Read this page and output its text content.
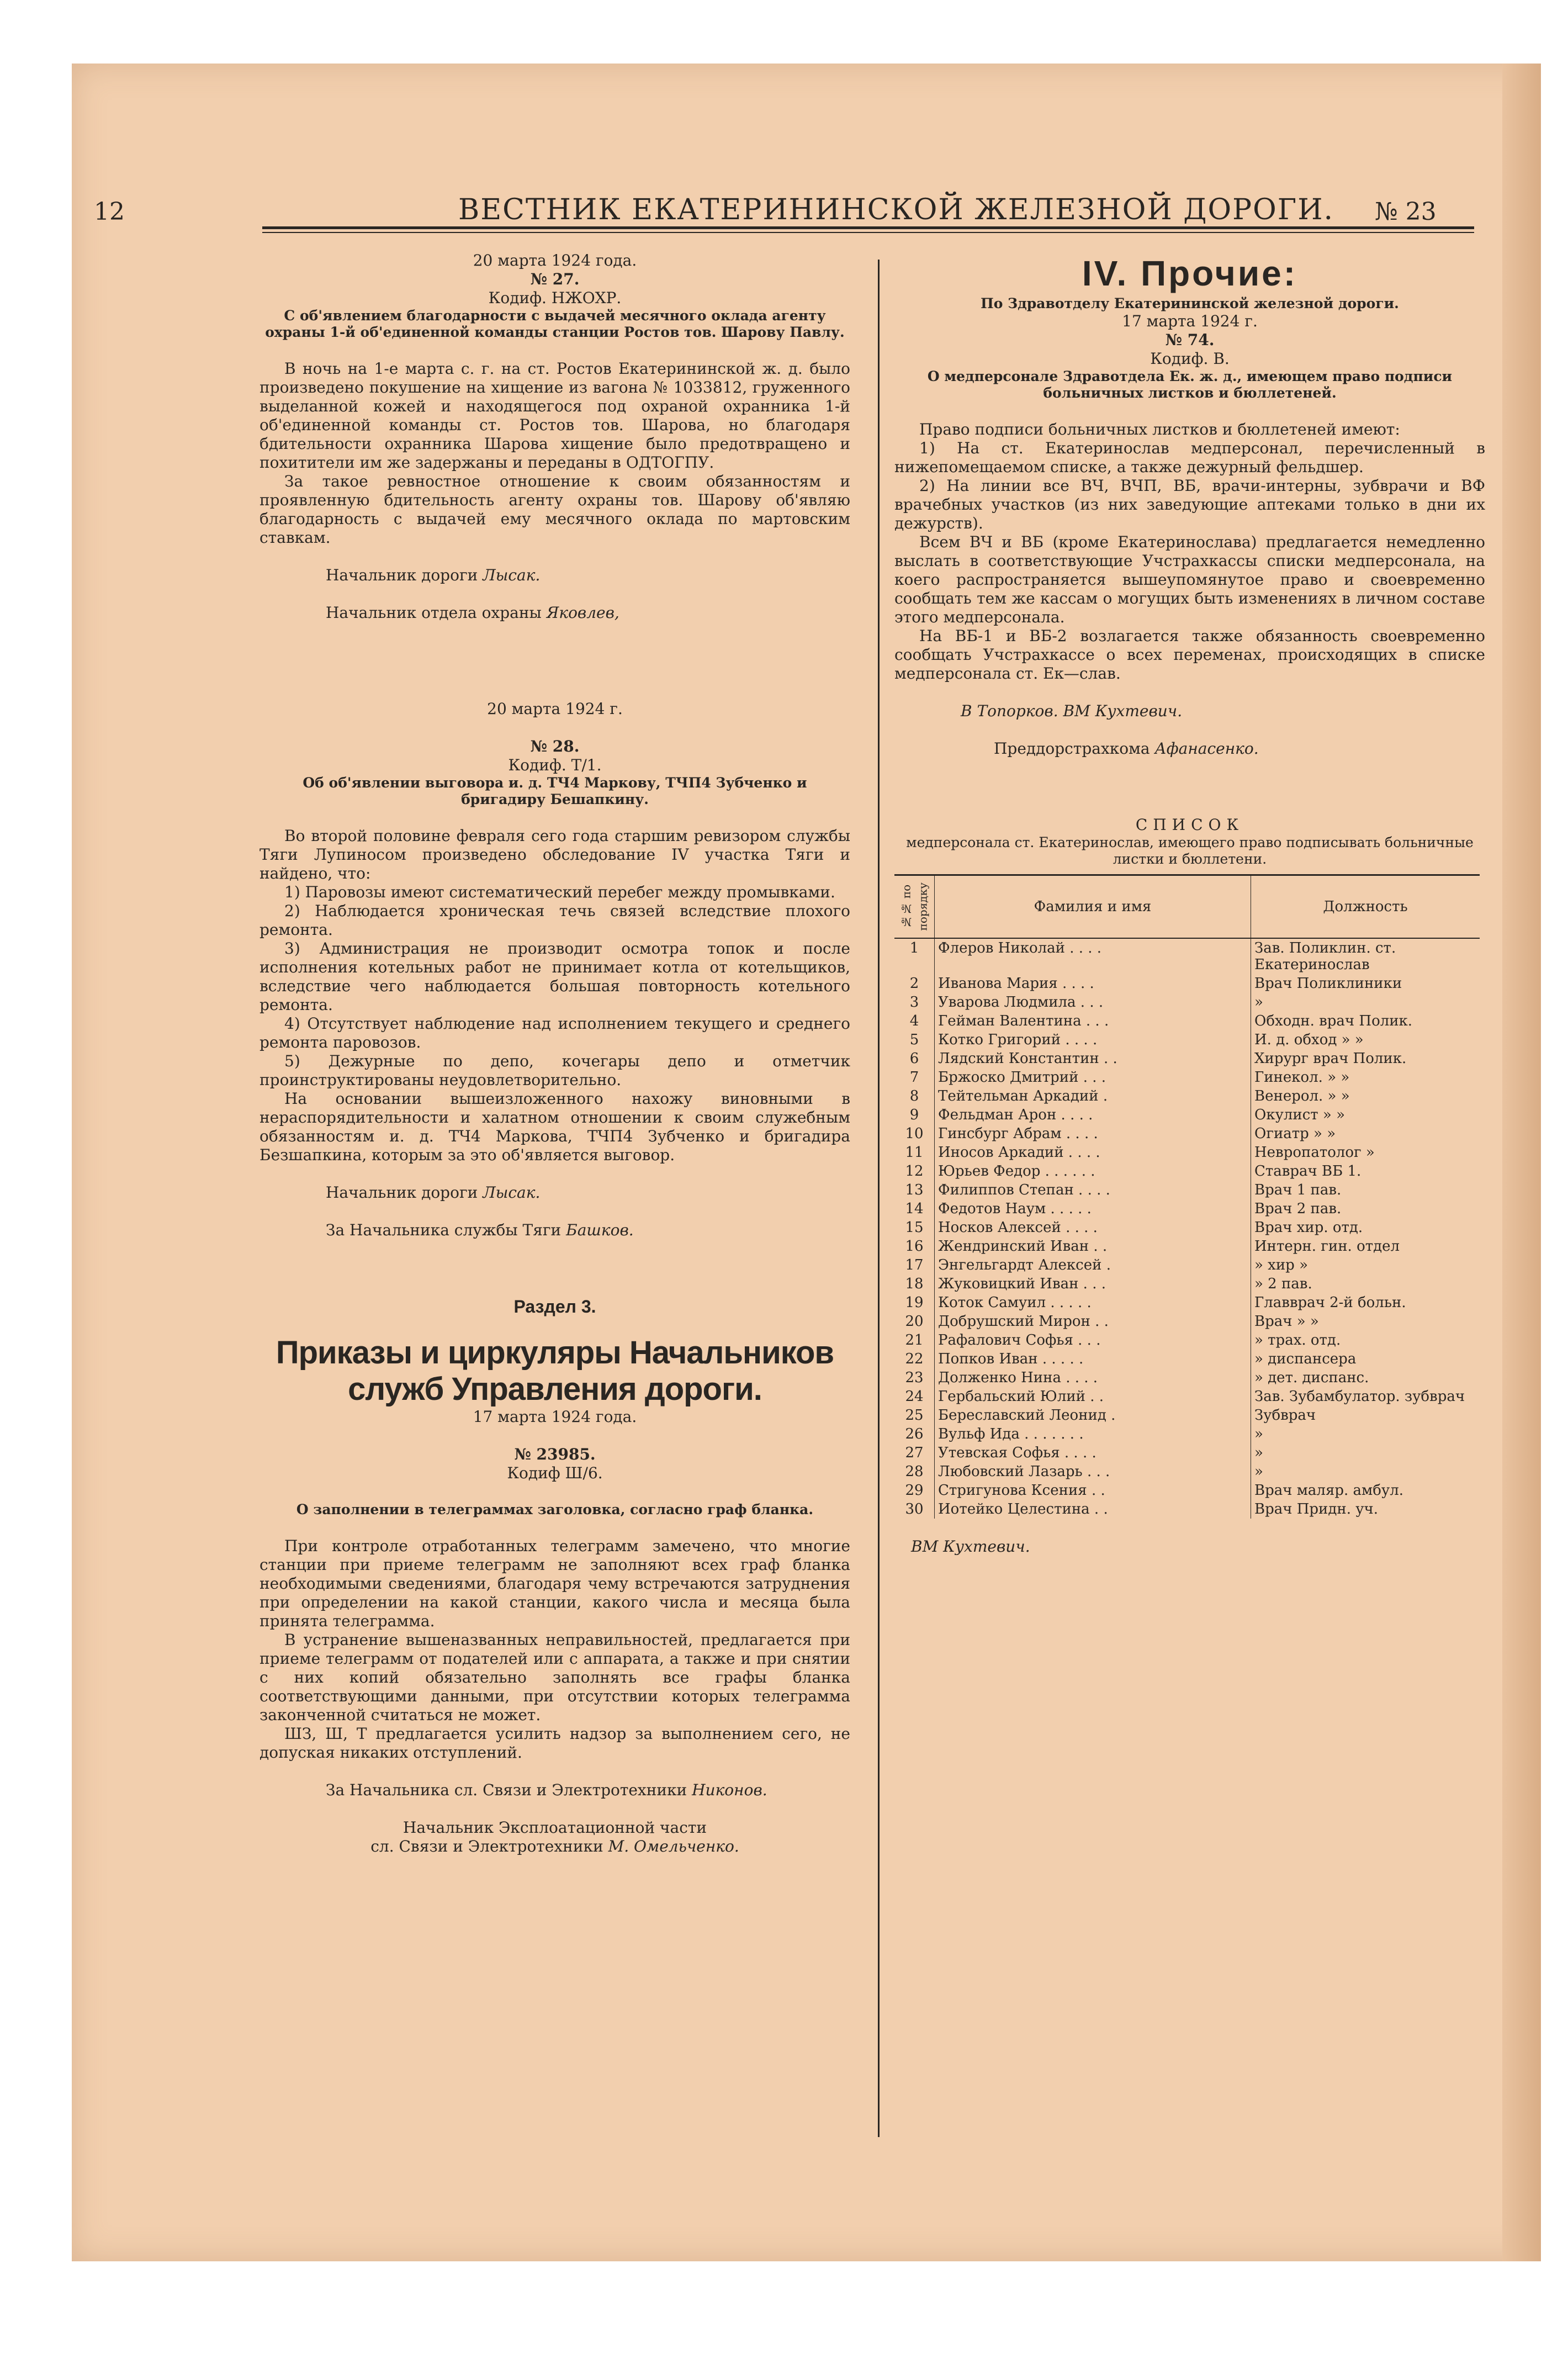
12	ВЕСТНИК ЕКАТЕРИНИНСКОЙ ЖЕЛЕЗНОЙ ДОРОГИ. № 23
20 марта 1924 года.
№ 27.
Кодиф. НЖОХР.
С об'явлением благодарности с выдачей месячного оклада агенту охраны 1-й об'единенной команды станции Ростов тов. Шарову Павлу.
В ночь на 1-е марта с. г. на ст. Ростов Екатерининской ж. д. было произведено покушение на хищение из вагона № 1033812, груженного выделанной кожей и находящегося под охраной охранника 1-й об'единенной команды ст. Ростов тов. Шарова, но благодаря бдительности охранника Шарова хищение было предотвращено и похитители им же задержаны и переданы в ОДТОГПУ.
За такое ревностное отношение к своим обязанностям и проявленную бдительность агенту охраны тов. Шарову об'являю благодарность с выдачей ему месячного оклада по мартовским ставкам.
Начальник дороги Лысак.
Начальник отдела охраны Яковлев,
20 марта 1924 г.
№ 28.
Кодиф. Т/1.
Об об'явлении выговора и. д. ТЧ4 Маркову, ТЧП4 Зубченко и бригадиру Бешапкину.
Во второй половине февраля сего года старшим ревизором службы Тяги Лупиносом произведено обследование IV участка Тяги и найдено, что:
1) Паровозы имеют систематический перебег между промывками.
2) Наблюдается хроническая течь связей вследствие плохого ремонта.
3) Администрация не производит осмотра топок и после исполнения котельных работ не принимает котла от котельщиков, вследствие чего наблюдается большая повторность котельного ремонта.
4) Отсутствует наблюдение над исполнением текущего и среднего ремонта паровозов.
5) Дежурные по депо, кочегары депо и отметчик проинструктированы неудовлетворительно.
На основании вышеизложенного нахожу виновными в нераспорядительности и халатном отношении к своим служебным обязанностям и. д. ТЧ4 Маркова, ТЧП4 Зубченко и бригадира Безшапкина, которым за это об'является выговор.
Начальник дороги Лысак.
За Начальника службы Тяги Башков.
Раздел 3.
Приказы и циркуляры Начальников служб Управления дороги.
17 марта 1924 года.
№ 23985.
Кодиф Ш/6.
О заполнении в телеграммах заголовка, согласно граф бланка.
При контроле отработанных телеграмм замечено, что многие станции при приеме телеграмм не заполняют всех граф бланка необходимыми сведениями, благодаря чему встречаются затруднения при определении на какой станции, какого числа и месяца была принята телеграмма.
В устранение вышеназванных неправильностей, предлагается при приеме телеграмм от подателей или с аппарата, а также и при снятии с них копий обязательно заполнять все графы бланка соответствующими данными, при отсутствии которых телеграмма законченной считаться не может.
ШЗ, Ш, Т предлагается усилить надзор за выполнением сего, не допуская никаких отступлений.
За Начальника сл. Связи и Электротехники Никонов.
Начальник Эксплоатационной части
сл. Связи и Электротехники М. Омельченко.
IV. Прочие:
По Здравотделу Екатерининской железной дороги.
17 марта 1924 г.
№ 74.
Кодиф. В.
О медперсонале Здравотдела Ек. ж. д., имеющем право подписи больничных листков и бюллетеней.
Право подписи больничных листков и бюллетеней имеют:
1) На ст. Екатеринослав медперсонал, перечисленный в нижепомещаемом списке, а также дежурный фельдшер.
2) На линии все ВЧ, ВЧП, ВБ, врачи-интерны, зубврачи и ВФ врачебных участков (из них заведующие аптеками только в дни их дежурств).
Всем ВЧ и ВБ (кроме Екатеринослава) предлагается немедленно выслать в соответствующие Учстрахкассы списки медперсонала, на коего распространяется вышеупомянутое право и своевременно сообщать тем же кассам о могущих быть изменениях в личном составе этого медперсонала.
На ВБ-1 и ВБ-2 возлагается также обязанность своевременно сообщать Учстрахкассе о всех переменах, происходящих в списке медперсонала ст. Ек—слав.
В Топорков. ВМ Кухтевич.
Преддорстрахкома Афанасенко.
СПИСОК
медперсонала ст. Екатеринослав, имеющего право подписывать больничные листки и бюллетени.
№№ по порядку	Фамилия и имя	Должность
1	Флеров Николай . . . .	Зав. Поликлин. ст. Екатеринослав
2	Иванова Мария . . . .	Врач Поликлиники
3	Уварова Людмила . . .	»
4	Гейман Валентина . . .	Обходн. врач Полик.
5	Котко Григорий . . . .	И. д. обход » »
6	Лядский Константин . .	Хирург врач Полик.
7	Бржоско Дмитрий . . .	Гинекол. » »
8	Тейтельман Аркадий .	Венерол. » »
9	Фельдман Арон . . . .	Окулист » »
10	Гинсбург Абрам . . . .	Огиатр » »
11	Иносов Аркадий . . . .	Невропатолог »
12	Юрьев Федор . . . . . .	Ставрач ВБ 1.
13	Филиппов Степан . . . .	Врач 1 пав.
14	Федотов Наум . . . . .	Врач 2 пав.
15	Носков Алексей . . . .	Врач хир. отд.
16	Жендринский Иван . .	Интерн. гин. отдел
17	Энгельгардт Алексей .	» хир »
18	Жуковицкий Иван . . .	» 2 пав.
19	Коток Самуил . . . . .	Главврач 2-й больн.
20	Добрушский Мирон . .	Врач » »
21	Рафалович Софья . . .	» трах. отд.
22	Попков Иван . . . . .	» диспансера
23	Долженко Нина . . . .	» дет. диспанс.
24	Гербальский Юлий . .	Зав. Зубамбулатор. зубврач
25	Береславский Леонид .	Зубврач
26	Вульф Ида . . . . . . .	»
27	Утевская Софья . . . .	»
28	Любовский Лазарь . . .	»
29	Стригунова Ксения . .	Врач маляр. амбул.
30	Иотейко Целестина . .	Врач Придн. уч.
ВМ Кухтевич.
